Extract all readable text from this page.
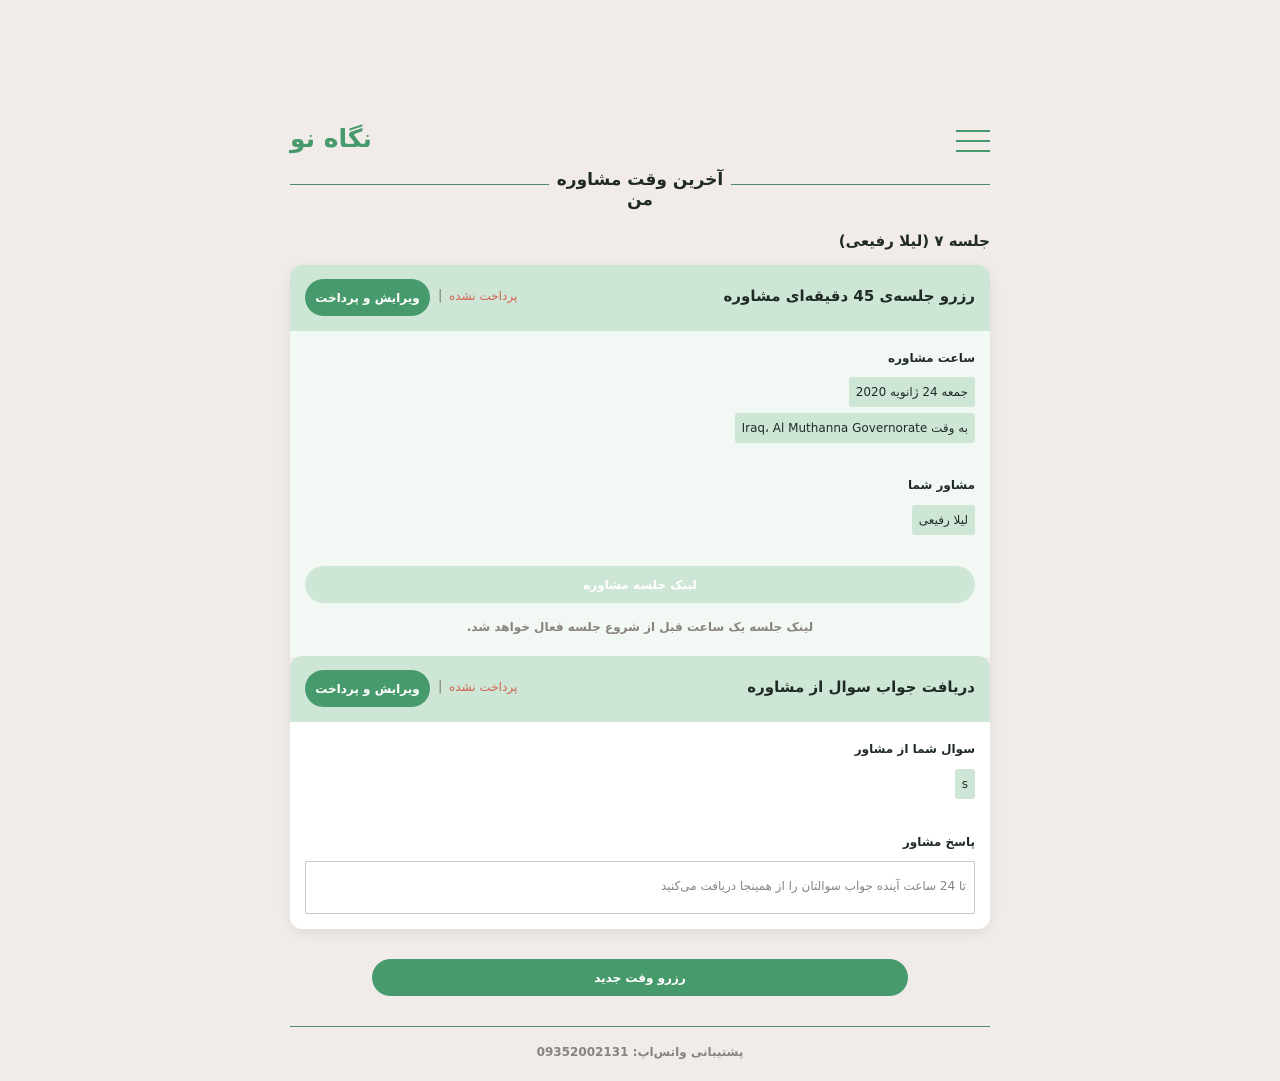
نگاه نو
آخرین وقت مشاوره من
جلسه ۷ (لیلا رفیعی)
رزرو جلسه‌ی 45 دقیقه‌ای مشاوره
پرداخت نشده
|
ویرایش و پرداخت
ساعت مشاوره
جمعه 24 ژانویه 2020
به وقت Iraq، Al Muthanna Governorate
مشاور شما
لیلا رفیعی
لینک جلسه مشاوره
لینک جلسه یک ساعت قبل از شروع جلسه فعال خواهد شد.
دریافت جواب سوال از مشاوره
پرداخت نشده
|
ویرایش و پرداخت
سوال شما از مشاور
s
پاسخ مشاور
تا 24 ساعت آینده جواب سوالتان را از همینجا دریافت می‌کنید
رزرو وقت جدید
پشتیبانی واتس‌اپ: 09352002131
